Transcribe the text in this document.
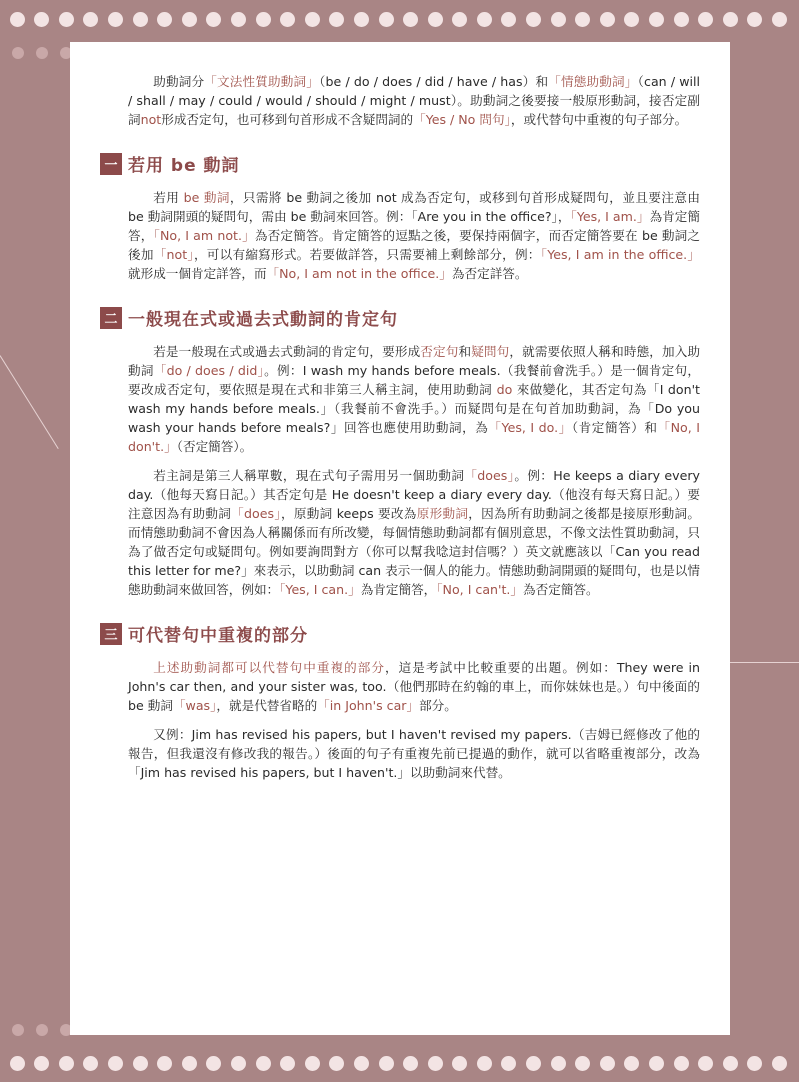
助動詞分「文法性質助動詞」（be / do / does / did / have / has）和「情態助動詞」（can / will / shall / may / could / would / should / might / must）。助動詞之後要接一般原形動詞，接否定副詞not形成否定句，也可移到句首形成不含疑問詞的「Yes / No 問句」，或代替句中重複的句子部分。

一 若用 be 動詞

若用 be 動詞，只需將 be 動詞之後加 not 成為否定句，或移到句首形成疑問句，並且要注意由 be 動詞開頭的疑問句，需由 be 動詞來回答。例：「Are you in the office?」，「Yes, I am.」為肯定簡答，「No, I am not.」為否定簡答。肯定簡答的逗點之後，要保持兩個字，而否定簡答要在 be 動詞之後加「not」，可以有縮寫形式。若要做詳答，只需要補上剩餘部分，例：「Yes, I am in the office.」就形成一個肯定詳答，而「No, I am not in the office.」為否定詳答。

二 一般現在式或過去式動詞的肯定句

若是一般現在式或過去式動詞的肯定句，要形成否定句和疑問句，就需要依照人稱和時態，加入助動詞「do / does / did」。例：I wash my hands before meals.（我餐前會洗手。）是一個肯定句，要改成否定句，要依照是現在式和非第三人稱主詞，使用助動詞 do 來做變化，其否定句為「I don't wash my hands before meals.」（我餐前不會洗手。）而疑問句是在句首加助動詞，為「Do you wash your hands before meals?」回答也應使用助動詞，為「Yes, I do.」（肯定簡答）和「No, I don't.」（否定簡答）。

若主詞是第三人稱單數，現在式句子需用另一個助動詞「does」。例：He keeps a diary every day.（他每天寫日記。）其否定句是 He doesn't keep a diary every day.（他沒有每天寫日記。）要注意因為有助動詞「does」，原動詞 keeps 要改為原形動詞，因為所有助動詞之後都是接原形動詞。而情態助動詞不會因為人稱關係而有所改變，每個情態助動詞都有個別意思，不像文法性質助動詞，只為了做否定句或疑問句。例如要詢問對方（你可以幫我唸這封信嗎？）英文就應該以「Can you read this letter for me?」來表示，以助動詞 can 表示一個人的能力。情態助動詞開頭的疑問句，也是以情態助動詞來做回答，例如：「Yes, I can.」為肯定簡答，「No, I can't.」為否定簡答。

三 可代替句中重複的部分

上述助動詞都可以代替句中重複的部分，這是考試中比較重要的出題。例如：They were in John's car then, and your sister was, too.（他們那時在約翰的車上，而你妹妹也是。）句中後面的 be 動詞「was」，就是代替省略的「in John's car」部分。

又例：Jim has revised his papers, but I haven't revised my papers.（吉姆已經修改了他的報告，但我還沒有修改我的報告。）後面的句子有重複先前已提過的動作，就可以省略重複部分，改為「Jim has revised his papers, but I haven't.」以助動詞來代替。
